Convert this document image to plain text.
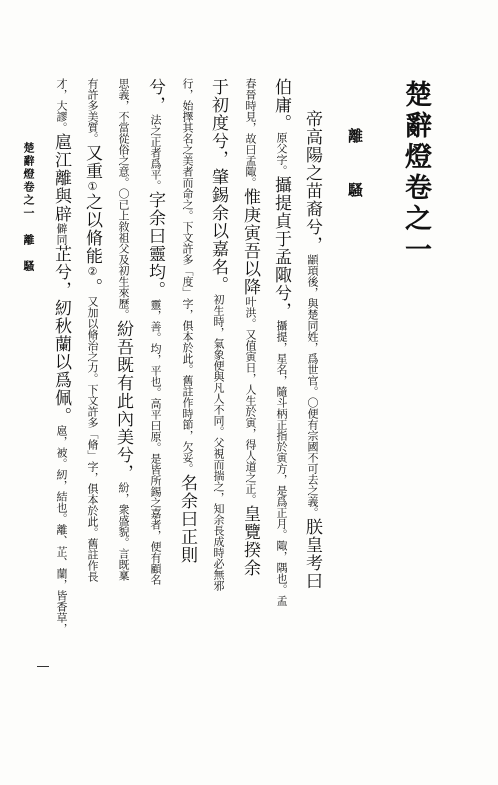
楚辭燈卷之一
離　騷
帝高陽之苗裔兮，顓頊後，與楚同姓，爲世官。〇便有宗國不可去之義。朕皇考曰
伯庸。原父字。攝提貞于孟陬兮，攝提，星名，隨斗柄正指於寅方，是爲正月。陬，隅也。孟
春晉時見，故曰孟陬。惟庚寅吾以降叶洪。又值寅日，人生於寅，得人道之正。皇覽揆余
于初度兮，肇錫余以嘉名。初生時，氣象便與凡人不同。父視而揣之，知余長成時必無邪
行，始擇其名之美者而命之。下文許多「度」字，俱本於此。舊註作時節，欠妥。名余曰正則
兮，法之正者爲平。字余曰靈均。靈，善。均，平也。高平曰原。是皆所錫之嘉者，便有顧名
思義，不當從俗之意。〇已上敘祖父及初生來歷。紛吾既有此內美兮，紛，衆盛貌。言既稟
有許多美質。又重①之以脩能②。又加以脩治之力。下文許多「脩」字，俱本於此。舊註作長
才，大謬。扈江離與辟僻同芷兮，紉秋蘭以爲佩。扈，被。紉，結也。離、芷、蘭，皆香草，
楚辭燈卷之一離　騷
